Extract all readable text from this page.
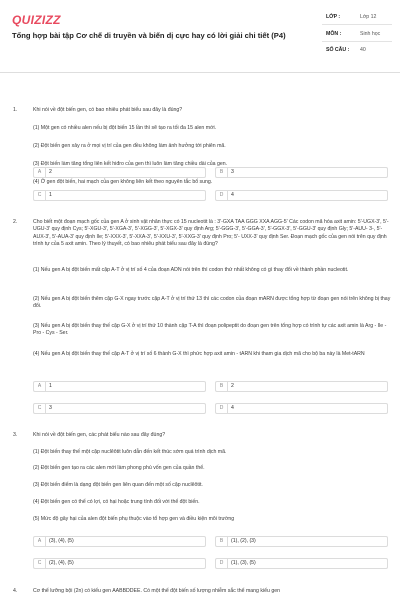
QUIZIZZ
Tổng hợp bài tập Cơ chế di truyền và biến dị cực hay có lời giải chi tiết (P4)
LỚP :	Lớp 12
MÔN :	Sinh học
SỐ CÂU : 40
1.	Khi nói về đột biến gen, có bao nhiêu phát biểu sau đây là đúng?
(1) Một gen có nhiều alen nếu bị đột biến 15 lần thì sẽ tạo ra tối đa 15 alen mới.
(2) Đột biến gen xảy ra ở mọi vị trí của gen đều không làm ảnh hưởng tới phiên mã.
(3) Đột biến làm tăng tổng liên kết hiđro của gen thì luôn làm tăng chiều dài của gen.
(4) Ở gen đột biến, hai mạch của gen không liên kết theo nguyên tắc bổ sung.
A	2	B	3
C	1	D	4
2.	Cho biết một đoạn mạch gốc của gen A ở sinh vật nhân thực có 15 nucleotit là : 3'-GXA TAA GGG XXA AGG-5' Các codon mã hóa axit amin: 5'-UGX-3', 5'-UGU-3' quy định Cys; 5'-XGU-3', 5'-XGA-3', 5'-XGG-3', 5'-XGX-3' quy định Arg; 5'-GGG-3', 5'-GGA-3', 5'-GGX-3', 5'-GGU-3' quy định Gly; 5'-AUU- 3-, 5'-AUX-3', 5'-AUA-3' quy định Ile; 5'-XXX-3', 5'-XXA-3', 5'-XXU-3', 5'-XXG-3' quy định Pro; 5'- UXX-3' quy định Ser. Đoạn mạch gốc của gen nói trên quy định trình tự của 5 axit amin. Theo lý thuyết, có bao nhiêu phát biểu sau đây là đúng?
(1) Nếu gen A bị đột biến mất cặp A-T ở vị trí số 4 của đoạn ADN nói trên thì codon thứ nhất không có gì thay đổi về thành phần nucleotit.
(2) Nếu gen A bị đột biến thêm cặp G-X ngay trước cặp A-T ở vị trí thứ 13 thì các codon của đoạn mARN được tổng hợp từ đoạn gen nói trên không bị thay đổi.
(3) Nếu gen A bị đột biến thay thế cặp G-X ở vị trí thứ 10 thành cặp T-A thì đoạn polipeptit do đoạn gen trên tổng hợp có trình tự các axit amin là Arg - Ile - Pro - Cys - Ser.
(4) Nếu gen A bị đột biến thay thế cặp A-T ở vị trí số 6 thành G-X thì phức hợp axit amin - tARN khi tham gia dịch mã cho bộ ba này là Met-tARN
A	1	B	2
C	3	D	4
3.	Khi nói về đột biến gen, các phát biểu nào sau đây đúng?
(1) Đột biến thay thế một cặp nuclêôtit luôn dẫn đến kết thúc sớm quá trình dịch mã.
(2) Đột biến gen tạo ra các alen mới làm phong phú vốn gen của quần thể.
(3) Đột biến điểm là dạng đột biến gen liên quan đến một số cặp nuclêôtit.
(4) Đột biến gen có thể có lợi, có hại hoặc trung tính đối với thể đột biến.
(5) Mức độ gây hại của alen đột biến phụ thuộc vào tổ hợp gen và điều kiện môi trường
A	(3), (4), (5)	B	(1), (2), (3)
C	(2), (4), (5)	D	(1), (3), (5)
4.	Cơ thể lưỡng bội (2n) có kiểu gen AABBDDEE. Có một thể đột biến số lượng nhiễm sắc thể mang kiểu gen
